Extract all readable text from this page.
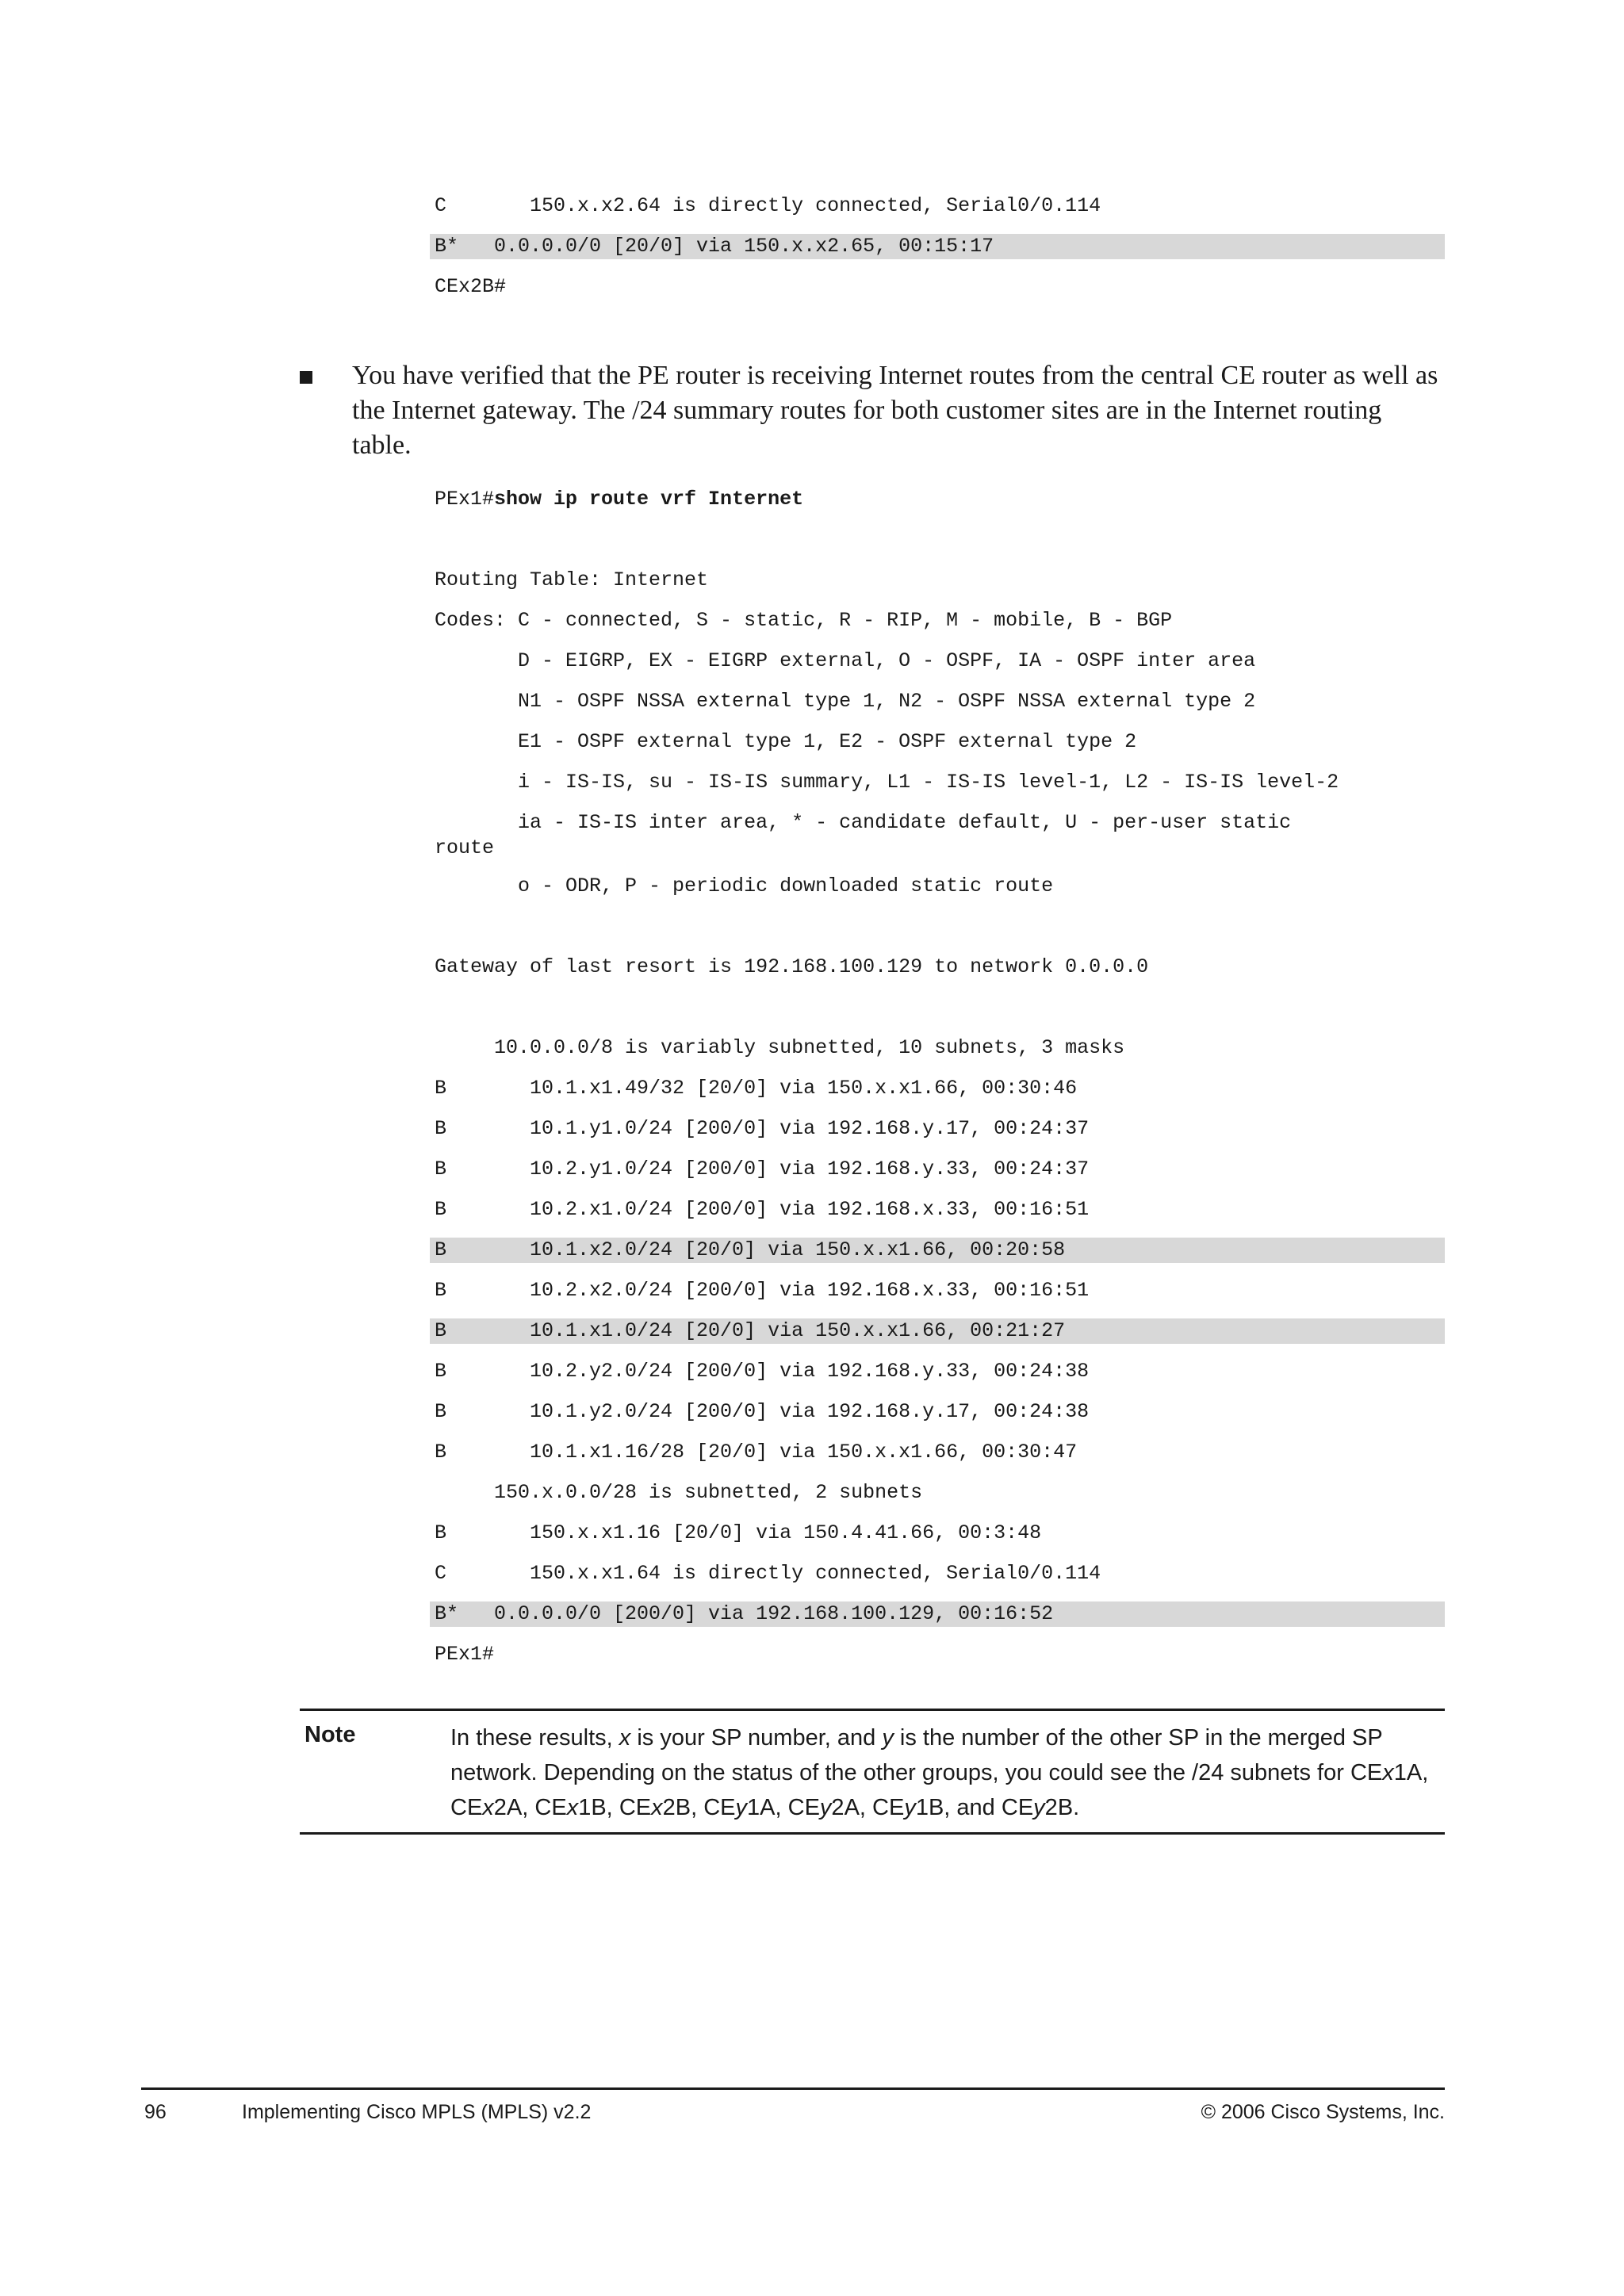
C       150.x.x2.64 is directly connected, Serial0/0.114
B*   0.0.0.0/0 [20/0] via 150.x.x2.65, 00:15:17
CEx2B#
You have verified that the PE router is receiving Internet routes from the central CE router as well as the Internet gateway. The /24 summary routes for both customer sites are in the Internet routing table.
PEx1#show ip route vrf Internet
Routing Table: Internet
Codes: C - connected, S - static, R - RIP, M - mobile, B - BGP
D - EIGRP, EX - EIGRP external, O - OSPF, IA - OSPF inter area
N1 - OSPF NSSA external type 1, N2 - OSPF NSSA external type 2
E1 - OSPF external type 1, E2 - OSPF external type 2
i - IS-IS, su - IS-IS summary, L1 - IS-IS level-1, L2 - IS-IS level-2
ia - IS-IS inter area, * - candidate default, U - per-user static
route
o - ODR, P - periodic downloaded static route
Gateway of last resort is 192.168.100.129 to network 0.0.0.0
10.0.0.0/8 is variably subnetted, 10 subnets, 3 masks
B       10.1.x1.49/32 [20/0] via 150.x.x1.66, 00:30:46
B       10.1.y1.0/24 [200/0] via 192.168.y.17, 00:24:37
B       10.2.y1.0/24 [200/0] via 192.168.y.33, 00:24:37
B       10.2.x1.0/24 [200/0] via 192.168.x.33, 00:16:51
B       10.1.x2.0/24 [20/0] via 150.x.x1.66, 00:20:58
B       10.2.x2.0/24 [200/0] via 192.168.x.33, 00:16:51
B       10.1.x1.0/24 [20/0] via 150.x.x1.66, 00:21:27
B       10.2.y2.0/24 [200/0] via 192.168.y.33, 00:24:38
B       10.1.y2.0/24 [200/0] via 192.168.y.17, 00:24:38
B       10.1.x1.16/28 [20/0] via 150.x.x1.66, 00:30:47
150.x.0.0/28 is subnetted, 2 subnets
B       150.x.x1.16 [20/0] via 150.4.41.66, 00:3:48
C       150.x.x1.64 is directly connected, Serial0/0.114
B*   0.0.0.0/0 [200/0] via 192.168.100.129, 00:16:52
PEx1#
Note	In these results, x is your SP number, and y is the number of the other SP in the merged SP network. Depending on the status of the other groups, you could see the /24 subnets for CEx1A, CEx2A, CEx1B, CEx2B, CEy1A, CEy2A, CEy1B, and CEy2B.
96	Implementing Cisco MPLS (MPLS) v2.2	© 2006 Cisco Systems, Inc.
